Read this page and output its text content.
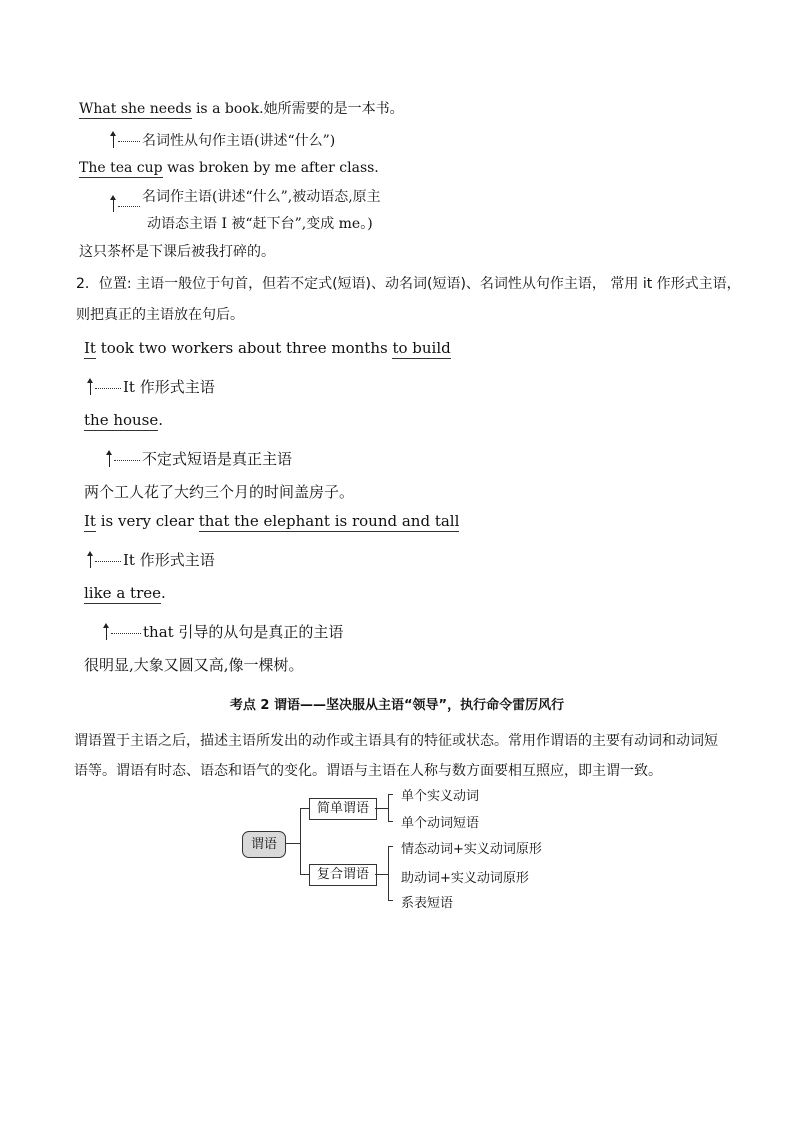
What she needs is a book.她所需要的是一本书。
名词性从句作主语(讲述“什么”)
The tea cup was broken by me after class.
名词作主语(讲述“什么”,被动语态,原主
动语态主语 I 被“赶下台”,变成 me。)
这只茶杯是下课后被我打碎的。
2．位置: 主语一般位于句首，但若不定式(短语)、动名词(短语)、名词性从句作主语， 常用 it 作形式主语，
则把真正的主语放在句后。
It took two workers about three months to build
It 作形式主语
the house.
不定式短语是真正主语
两个工人花了大约三个月的时间盖房子。
It is very clear that the elephant is round and tall
It 作形式主语
like a tree.
that 引导的从句是真正的主语
很明显,大象又圆又高,像一棵树。
考点 2 谓语——坚决服从主语“领导”，执行命令雷厉风行
谓语置于主语之后，描述主语所发出的动作或主语具有的特征或状态。常用作谓语的主要有动词和动词短
语等。谓语有时态、语态和语气的变化。谓语与主语在人称与数方面要相互照应，即主谓一致。
谓语
简单谓语
复合谓语
单个实义动词
单个动词短语
情态动词+实义动词原形
助动词+实义动词原形
系表短语
